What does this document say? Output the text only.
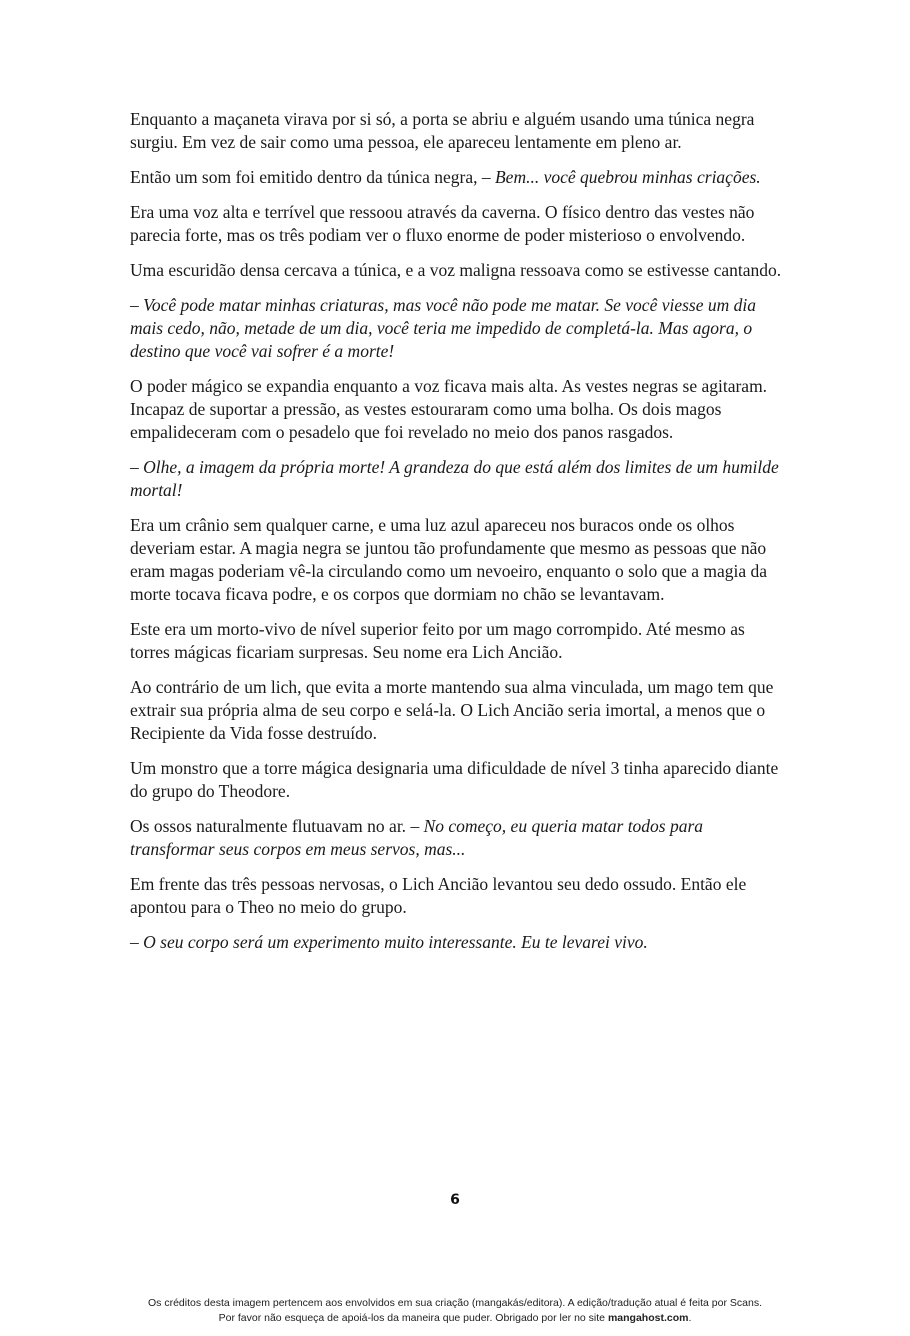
Enquanto a maçaneta virava por si só, a porta se abriu e alguém usando uma túnica negra surgiu. Em vez de sair como uma pessoa, ele apareceu lentamente em pleno ar.

Então um som foi emitido dentro da túnica negra, – Bem... você quebrou minhas criações.

Era uma voz alta e terrível que ressoou através da caverna. O físico dentro das vestes não parecia forte, mas os três podiam ver o fluxo enorme de poder misterioso o envolvendo.

Uma escuridão densa cercava a túnica, e a voz maligna ressoava como se estivesse cantando.

– Você pode matar minhas criaturas, mas você não pode me matar. Se você viesse um dia mais cedo, não, metade de um dia, você teria me impedido de completá-la. Mas agora, o destino que você vai sofrer é a morte!

O poder mágico se expandia enquanto a voz ficava mais alta. As vestes negras se agitaram. Incapaz de suportar a pressão, as vestes estouraram como uma bolha. Os dois magos empalideceram com o pesadelo que foi revelado no meio dos panos rasgados.

– Olhe, a imagem da própria morte! A grandeza do que está além dos limites de um humilde mortal!

Era um crânio sem qualquer carne, e uma luz azul apareceu nos buracos onde os olhos deveriam estar. A magia negra se juntou tão profundamente que mesmo as pessoas que não eram magas poderiam vê-la circulando como um nevoeiro, enquanto o solo que a magia da morte tocava ficava podre, e os corpos que dormiam no chão se levantavam.

Este era um morto-vivo de nível superior feito por um mago corrompido. Até mesmo as torres mágicas ficariam surpresas. Seu nome era Lich Ancião.

Ao contrário de um lich, que evita a morte mantendo sua alma vinculada, um mago tem que extrair sua própria alma de seu corpo e selá-la. O Lich Ancião seria imortal, a menos que o Recipiente da Vida fosse destruído.

Um monstro que a torre mágica designaria uma dificuldade de nível 3 tinha aparecido diante do grupo do Theodore.

Os ossos naturalmente flutuavam no ar. – No começo, eu queria matar todos para transformar seus corpos em meus servos, mas...

Em frente das três pessoas nervosas, o Lich Ancião levantou seu dedo ossudo. Então ele apontou para o Theo no meio do grupo.

– O seu corpo será um experimento muito interessante. Eu te levarei vivo.

6
Os créditos desta imagem pertencem aos envolvidos em sua criação (mangakás/editora). A edição/tradução atual é feita por Scans.
Por favor não esqueça de apoiá-los da maneira que puder. Obrigado por ler no site mangahost.com.
